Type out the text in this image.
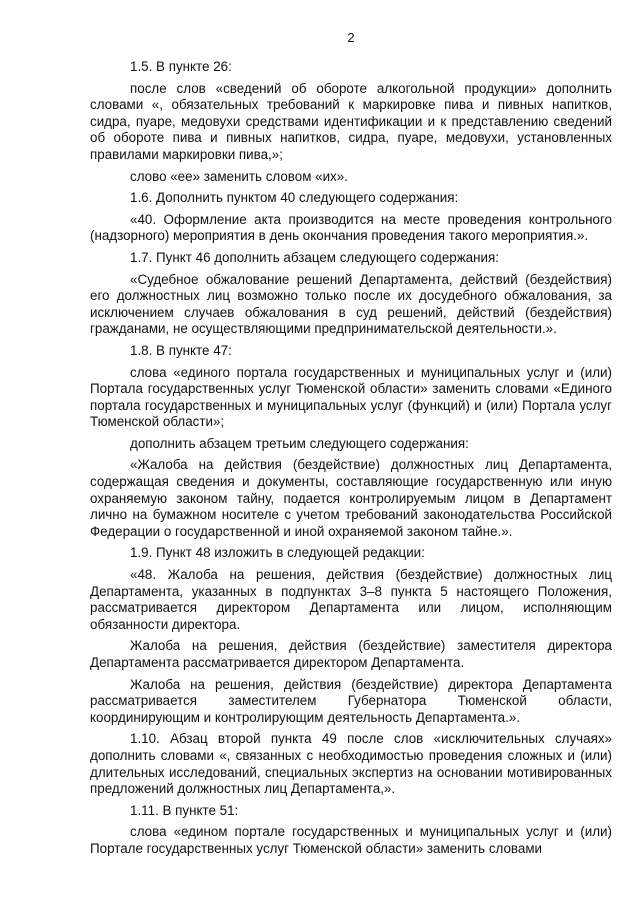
2

1.5. В пункте 26:

после слов «сведений об обороте алкогольной продукции» дополнить словами «, обязательных требований к маркировке пива и пивных напитков, сидра, пуаре, медовухи средствами идентификации и к представлению сведений об обороте пива и пивных напитков, сидра, пуаре, медовухи, установленных правилами маркировки пива,»;

слово «ее» заменить словом «их».

1.6. Дополнить пунктом 40 следующего содержания:

«40. Оформление акта производится на месте проведения контрольного (надзорного) мероприятия в день окончания проведения такого мероприятия.».

1.7. Пункт 46 дополнить абзацем следующего содержания:

«Судебное обжалование решений Департамента, действий (бездействия) его должностных лиц возможно только после их досудебного обжалования, за исключением случаев обжалования в суд решений, действий (бездействия) гражданами, не осуществляющими предпринимательской деятельности.».

1.8. В пункте 47:

слова «единого портала государственных и муниципальных услуг и (или) Портала государственных услуг Тюменской области» заменить словами «Единого портала государственных и муниципальных услуг (функций) и (или) Портала услуг Тюменской области»;

дополнить абзацем третьим следующего содержания:

«Жалоба на действия (бездействие) должностных лиц Департамента, содержащая сведения и документы, составляющие государственную или иную охраняемую законом тайну, подается контролируемым лицом в Департамент лично на бумажном носителе с учетом требований законодательства Российской Федерации о государственной и иной охраняемой законом тайне.».

1.9. Пункт 48 изложить в следующей редакции:

«48. Жалоба на решения, действия (бездействие) должностных лиц Департамента, указанных в подпунктах 3–8 пункта 5 настоящего Положения, рассматривается директором Департамента или лицом, исполняющим обязанности директора.

Жалоба на решения, действия (бездействие) заместителя директора Департамента рассматривается директором Департамента.

Жалоба на решения, действия (бездействие) директора Департамента рассматривается заместителем Губернатора Тюменской области, координирующим и контролирующим деятельность Департамента.».

1.10. Абзац второй пункта 49 после слов «исключительных случаях» дополнить словами «, связанных с необходимостью проведения сложных и (или) длительных исследований, специальных экспертиз на основании мотивированных предложений должностных лиц Департамента,».

1.11. В пункте 51:

слова «едином портале государственных и муниципальных услуг и (или) Портале государственных услуг Тюменской области» заменить словами
